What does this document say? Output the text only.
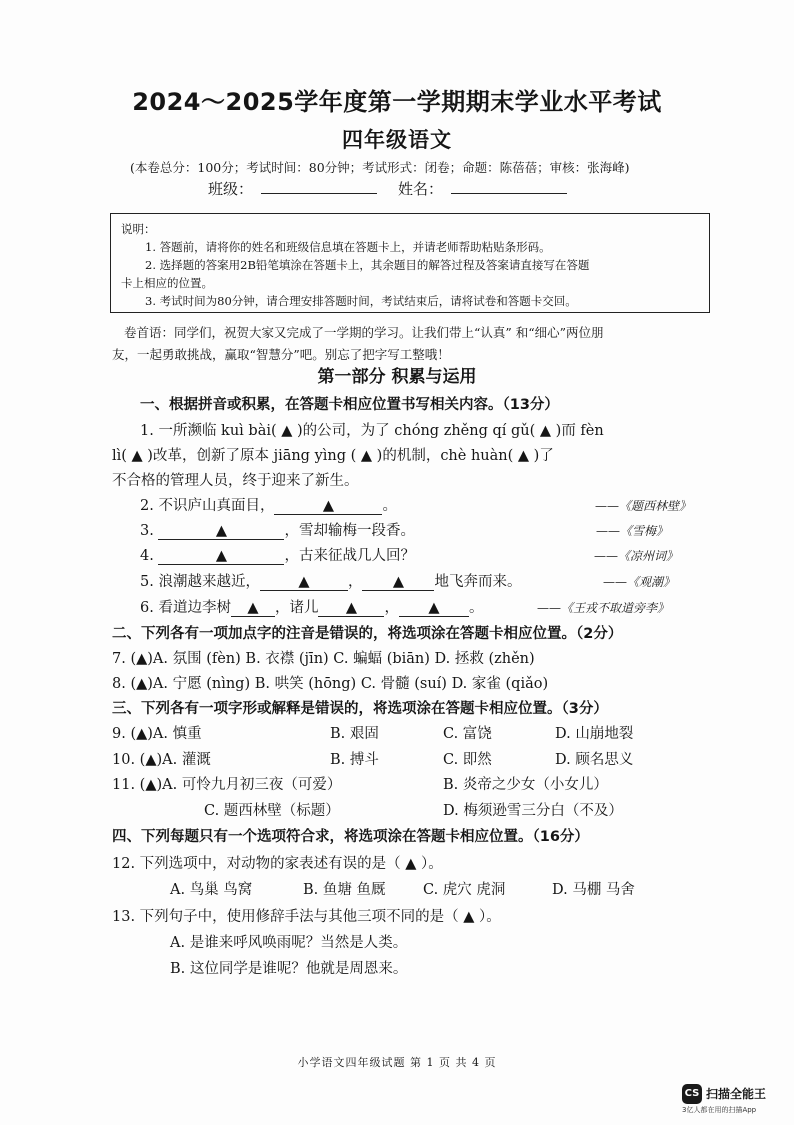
2024～2025学年度第一学期期末学业水平考试
四年级语文
(本卷总分：100分；考试时间：80分钟；考试形式：闭卷；命题：陈蓓蓓；审核：张海峰)
班级：	姓名：

说明：

1. 答题前，请将你的姓名和班级信息填在答题卡上，并请老师帮助粘贴条形码。

2. 选择题的答案用2B铅笔填涂在答题卡上，其余题目的解答过程及答案请直接写在答题

卡上相应的位置。

3. 考试时间为80分钟，请合理安排答题时间，考试结束后，请将试卷和答题卡交回。

卷首语：同学们，祝贺大家又完成了一学期的学习。让我们带上“认真” 和“细心”两位朋
友，一起勇敢挑战，赢取“智慧分”吧。别忘了把字写工整哦！
第一部分 积累与运用
一、根据拼音或积累，在答题卡相应位置书写相关内容。（13分）
1. 一所濒临 kuì bài( ▲ )的公司，为了 chóng zhěng qí gǔ( ▲ )而 fèn
lì( ▲ )改革，创新了原本 jiāng yìng ( ▲ )的机制，chè huàn( ▲ )了
不合格的管理人员，终于迎来了新生。
2. 不识庐山真面目，	▲	。	——《题西林壁》
3.	▲	，雪却输梅一段香。	——《雪梅》
4.	▲	，古来征战几人回？	——《凉州词》
5. 浪潮越来越近，	▲	， ▲ 地飞奔而来。	——《观潮》
6. 看道边李树 ▲ ，诸儿 ▲ ， ▲ 。	——《王戎不取道旁李》
二、下列各有一项加点字的注音是错误的，将选项涂在答题卡相应位置。（2分）
7. (▲)A. 氛围 (fèn) B. 衣襟 (jīn) C. 蝙蝠 (biān) D. 拯救 (zhěn)
8. (▲)A. 宁愿 (nìng) B. 哄笑 (hōng) C. 骨髓 (suí) D. 家雀 (qiǎo)
三、下列各有一项字形或解释是错误的，将选项涂在答题卡相应位置。（3分）
9. (▲)A. 慎重	B. 艰固	C. 富饶	D. 山崩地裂
10. (▲)A. 灌溉	B. 搏斗	C. 即然	D. 顾名思义
11. (▲)A. 可怜九月初三夜（可爱）	B. 炎帝之少女（小女儿）
C. 题西林壁（标题）	D. 梅须逊雪三分白（不及）
四、下列每题只有一个选项符合求，将选项涂在答题卡相应位置。（16分）
12. 下列选项中，对动物的家表述有误的是（ ▲ ）。
A. 鸟巢 鸟窝	B. 鱼塘 鱼厩	C. 虎穴 虎洞	D. 马棚 马舍
13. 下列句子中，使用修辞手法与其他三项不同的是（ ▲ ）。
A. 是谁来呼风唤雨呢？当然是人类。
B. 这位同学是谁呢？他就是周恩来。
小学语文四年级试题 第 1 页 共 4 页
CS 扫描全能王
3亿人都在用的扫描App
